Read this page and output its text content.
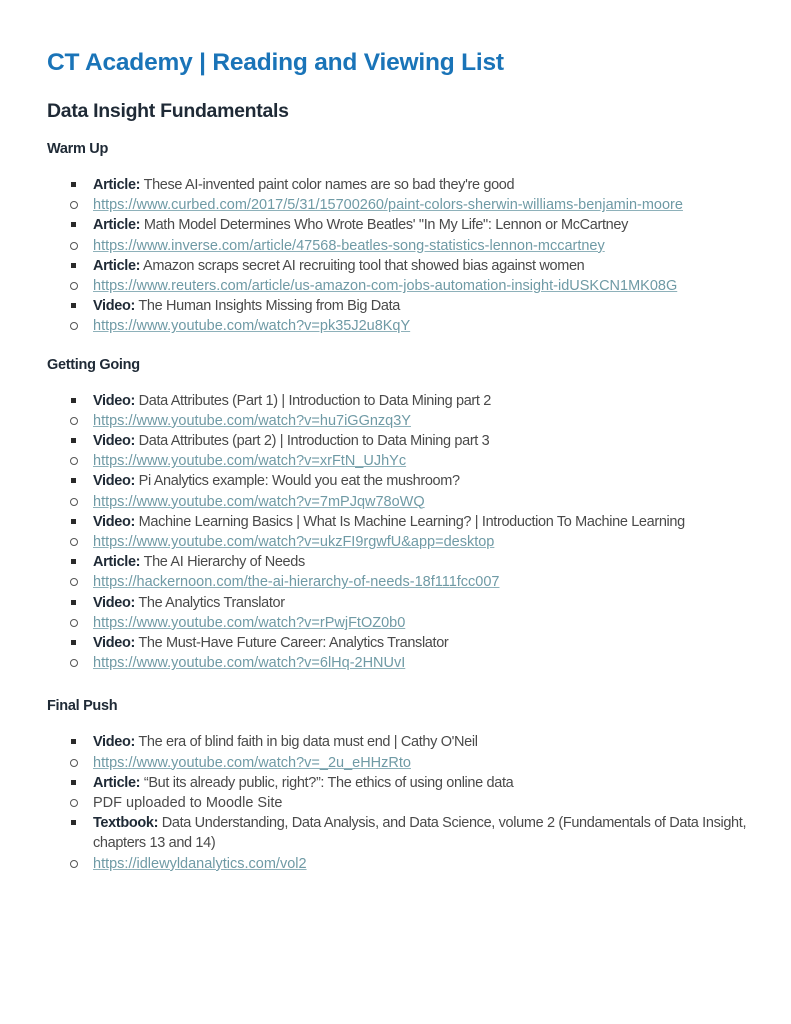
CT Academy | Reading and Viewing List
Data Insight Fundamentals
Warm Up
Article: These AI-invented paint color names are so bad they're good
https://www.curbed.com/2017/5/31/15700260/paint-colors-sherwin-williams-benjamin-moore
Article: Math Model Determines Who Wrote Beatles' "In My Life": Lennon or McCartney
https://www.inverse.com/article/47568-beatles-song-statistics-lennon-mccartney
Article: Amazon scraps secret AI recruiting tool that showed bias against women
https://www.reuters.com/article/us-amazon-com-jobs-automation-insight-idUSKCN1MK08G
Video: The Human Insights Missing from Big Data
https://www.youtube.com/watch?v=pk35J2u8KqY
Getting Going
Video: Data Attributes (Part 1) | Introduction to Data Mining part 2
https://www.youtube.com/watch?v=hu7iGGnzq3Y
Video: Data Attributes (part 2) | Introduction to Data Mining part 3
https://www.youtube.com/watch?v=xrFtN_UJhYc
Video: Pi Analytics example: Would you eat the mushroom?
https://www.youtube.com/watch?v=7mPJqw78oWQ
Video: Machine Learning Basics | What Is Machine Learning? | Introduction To Machine Learning
https://www.youtube.com/watch?v=ukzFI9rgwfU&app=desktop
Article: The AI Hierarchy of Needs
https://hackernoon.com/the-ai-hierarchy-of-needs-18f111fcc007
Video: The Analytics Translator
https://www.youtube.com/watch?v=rPwjFtOZ0b0
Video: The Must-Have Future Career: Analytics Translator
https://www.youtube.com/watch?v=6lHq-2HNUvI
Final Push
Video: The era of blind faith in big data must end | Cathy O'Neil
https://www.youtube.com/watch?v=_2u_eHHzRto
Article: “But its already public, right?”: The ethics of using online data
PDF uploaded to Moodle Site
Textbook: Data Understanding, Data Analysis, and Data Science, volume 2 (Fundamentals of Data Insight, chapters 13 and 14)
https://idlewyldanalytics.com/vol2
